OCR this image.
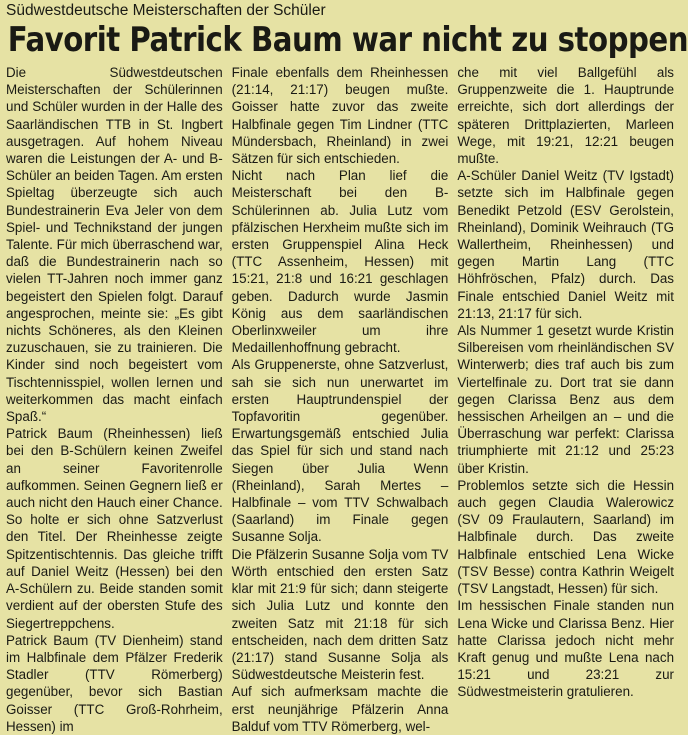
Südwestdeutsche Meisterschaften der Schüler
Favorit Patrick Baum war nicht zu stoppen

Die Südwestdeutschen Meisterschaften der Schülerinnen und Schüler wurden in der Halle des Saarländischen TTB in St. Ingbert ausgetragen. Auf hohem Niveau waren die Leistungen der A- und B-Schüler an beiden Tagen. Am ersten Spieltag überzeugte sich auch Bundestrainerin Eva Jeler von dem Spiel- und Technikstand der jungen Talente. Für mich überraschend war, daß die Bundestrainerin nach so vielen TT-Jahren noch immer ganz begeistert den Spielen folgt. Darauf angesprochen, meinte sie: „Es gibt nichts Schöneres, als den Kleinen zuzuschauen, sie zu trainieren. Die Kinder sind noch begeistert vom Tischtennisspiel, wollen lernen und weiterkommen das macht einfach Spaß.“

Patrick Baum (Rheinhessen) ließ bei den B-Schülern keinen Zweifel an seiner Favoritenrolle aufkommen. Seinen Gegnern ließ er auch nicht den Hauch einer Chance. So holte er sich ohne Satzverlust den Titel. Der Rheinhesse zeigte Spitzentischtennis. Das gleiche trifft auf Daniel Weitz (Hessen) bei den A-Schülern zu. Beide standen somit verdient auf der obersten Stufe des Siegertreppchens.

Patrick Baum (TV Dienheim) stand im Halbfinale dem Pfälzer Frederik Stadler (TTV Römerberg) gegenüber, bevor sich Bastian Goisser (TTC Groß-Rohrheim, Hessen) im

Finale ebenfalls dem Rheinhessen (21:14, 21:17) beugen mußte. Goisser hatte zuvor das zweite Halbfinale gegen Tim Lindner (TTC Mündersbach, Rheinland) in zwei Sätzen für sich entschieden.

Nicht nach Plan lief die Meisterschaft bei den B-Schülerinnen ab. Julia Lutz vom pfälzischen Herxheim mußte sich im ersten Gruppenspiel Alina Heck (TTC Assenheim, Hessen) mit 15:21, 21:8 und 16:21 geschlagen geben. Dadurch wurde Jasmin König aus dem saarländischen Oberlinxweiler um ihre Medaillenhoffnung gebracht.

Als Gruppenerste, ohne Satzverlust, sah sie sich nun unerwartet im ersten Hauptrundenspiel der Topfavoritin gegenüber. Erwartungsgemäß entschied Julia das Spiel für sich und stand nach Siegen über Julia Wenn (Rheinland), Sarah Mertes – Halbfinale – vom TTV Schwalbach (Saarland) im Finale gegen Susanne Solja.

Die Pfälzerin Susanne Solja vom TV Wörth entschied den ersten Satz klar mit 21:9 für sich; dann steigerte sich Julia Lutz und konnte den zweiten Satz mit 21:18 für sich entscheiden, nach dem dritten Satz (21:17) stand Susanne Solja als Südwestdeutsche Meisterin fest.

Auf sich aufmerksam machte die erst neunjährige Pfälzerin Anna Balduf vom TTV Römerberg, wel-

che mit viel Ballgefühl als Gruppenzweite die 1. Hauptrunde erreichte, sich dort allerdings der späteren Drittplazierten, Marleen Wege, mit 19:21, 12:21 beugen mußte.

A-Schüler Daniel Weitz (TV Igstadt) setzte sich im Halbfinale gegen Benedikt Petzold (ESV Gerolstein, Rheinland), Dominik Weihrauch (TG Wallertheim, Rheinhessen) und gegen Martin Lang (TTC Höhfröschen, Pfalz) durch. Das Finale entschied Daniel Weitz mit 21:13, 21:17 für sich.

Als Nummer 1 gesetzt wurde Kristin Silbereisen vom rheinländischen SV Winterwerb; dies traf auch bis zum Viertelfinale zu. Dort trat sie dann gegen Clarissa Benz aus dem hessischen Arheilgen an – und die Überraschung war perfekt: Clarissa triumphierte mit 21:12 und 25:23 über Kristin.

Problemlos setzte sich die Hessin auch gegen Claudia Walerowicz (SV 09 Fraulautern, Saarland) im Halbfinale durch. Das zweite Halbfinale entschied Lena Wicke (TSV Besse) contra Kathrin Weigelt (TSV Langstadt, Hessen) für sich.

Im hessischen Finale standen nun Lena Wicke und Clarissa Benz. Hier hatte Clarissa jedoch nicht mehr Kraft genug und mußte Lena nach 15:21 und 23:21 zur Südwestmeisterin gratulieren.
